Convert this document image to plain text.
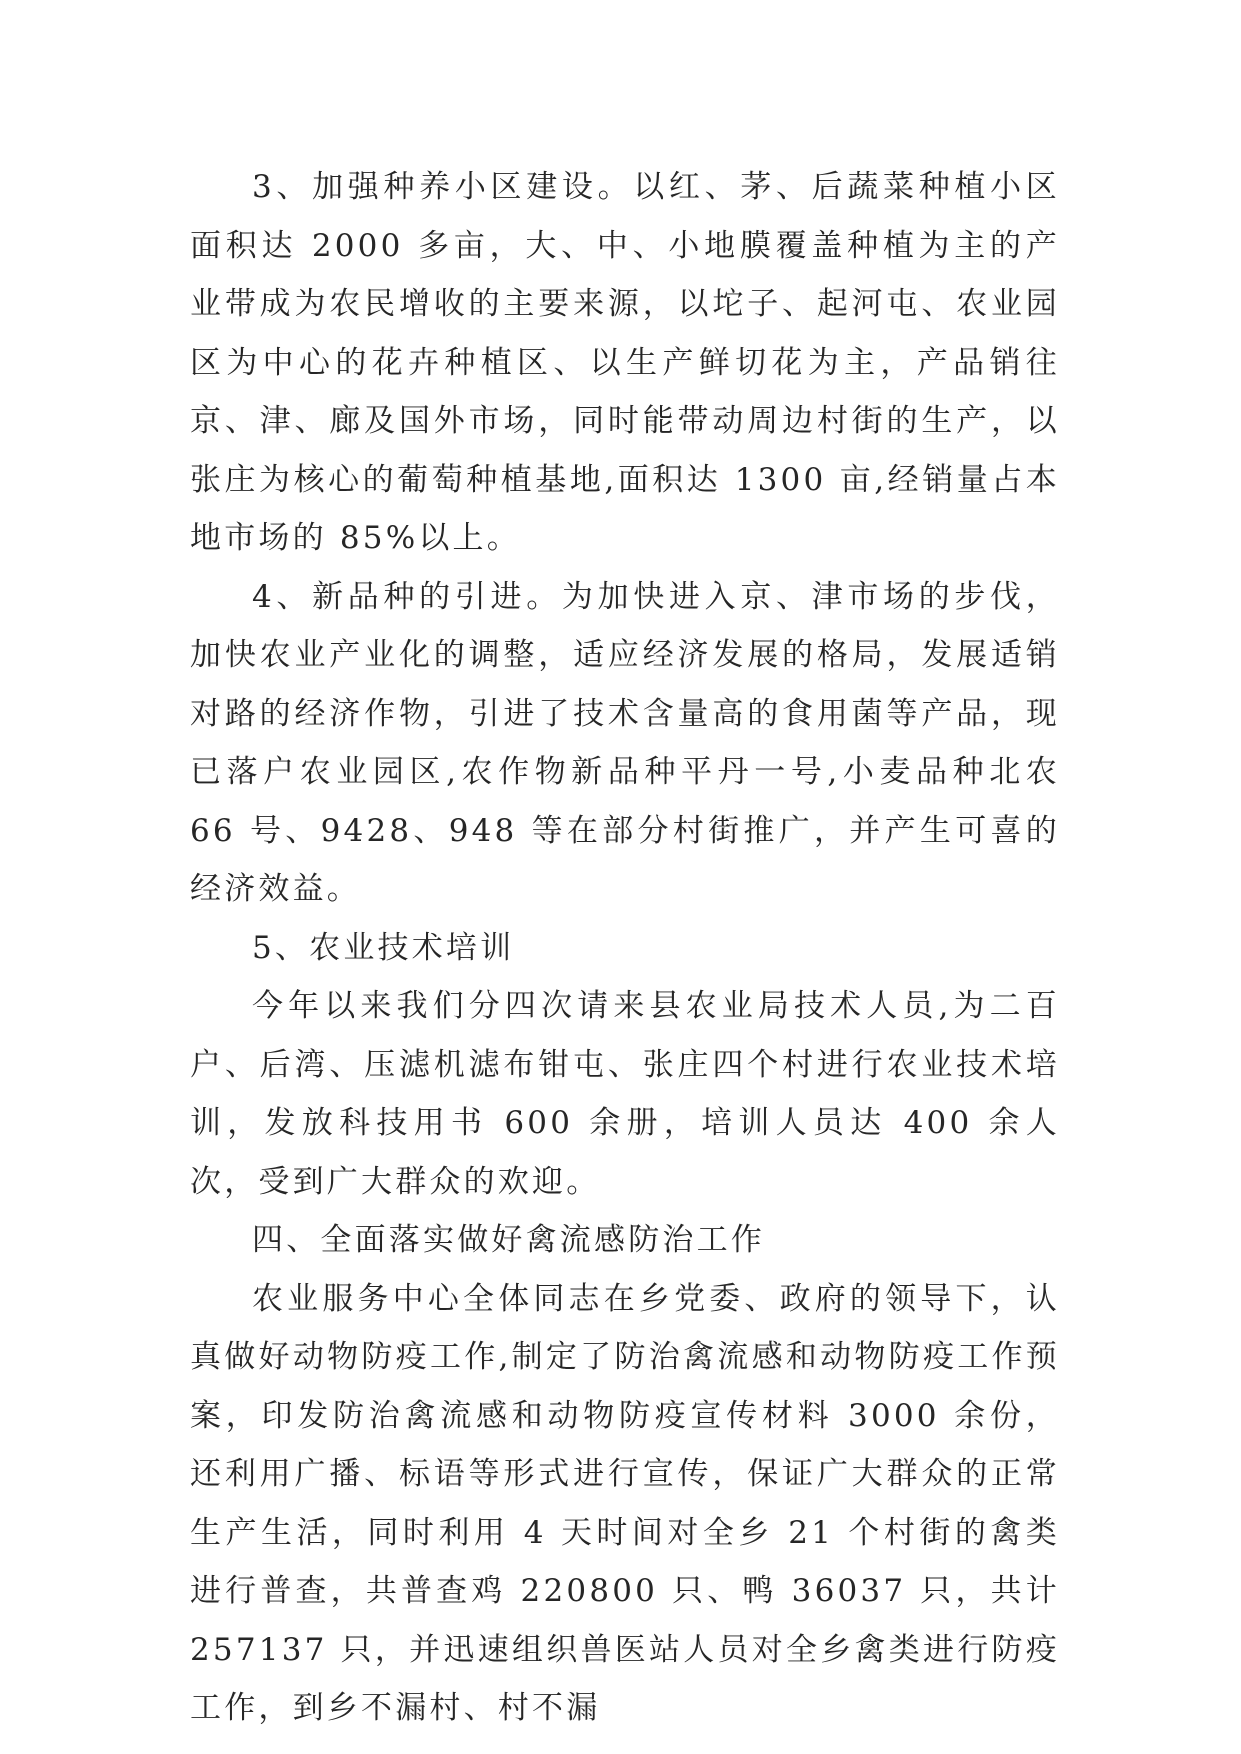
3、加强种养小区建设。以红、茅、后蔬菜种植小区面积达 2000 多亩，大、中、小地膜覆盖种植为主的产业带成为农民增收的主要来源，以坨子、起河屯、农业园区为中心的花卉种植区、以生产鲜切花为主，产品销往京、津、廊及国外市场，同时能带动周边村街的生产，以张庄为核心的葡萄种植基地,面积达 1300 亩,经销量占本地市场的 85%以上。

4、新品种的引进。为加快进入京、津市场的步伐，加快农业产业化的调整，适应经济发展的格局，发展适销对路的经济作物，引进了技术含量高的食用菌等产品，现已落户农业园区,农作物新品种平丹一号,小麦品种北农 66 号、9428、948 等在部分村街推广，并产生可喜的经济效益。

5、农业技术培训

今年以来我们分四次请来县农业局技术人员,为二百户、后湾、压滤机滤布钳屯、张庄四个村进行农业技术培训，发放科技用书 600 余册，培训人员达 400 余人次，受到广大群众的欢迎。

四、全面落实做好禽流感防治工作

农业服务中心全体同志在乡党委、政府的领导下，认真做好动物防疫工作,制定了防治禽流感和动物防疫工作预案，印发防治禽流感和动物防疫宣传材料 3000 余份，还利用广播、标语等形式进行宣传，保证广大群众的正常生产生活，同时利用 4 天时间对全乡 21 个村街的禽类进行普查，共普查鸡 220800 只、鸭 36037 只，共计 257137 只，并迅速组织兽医站人员对全乡禽类进行防疫工作，到乡不漏村、村不漏
